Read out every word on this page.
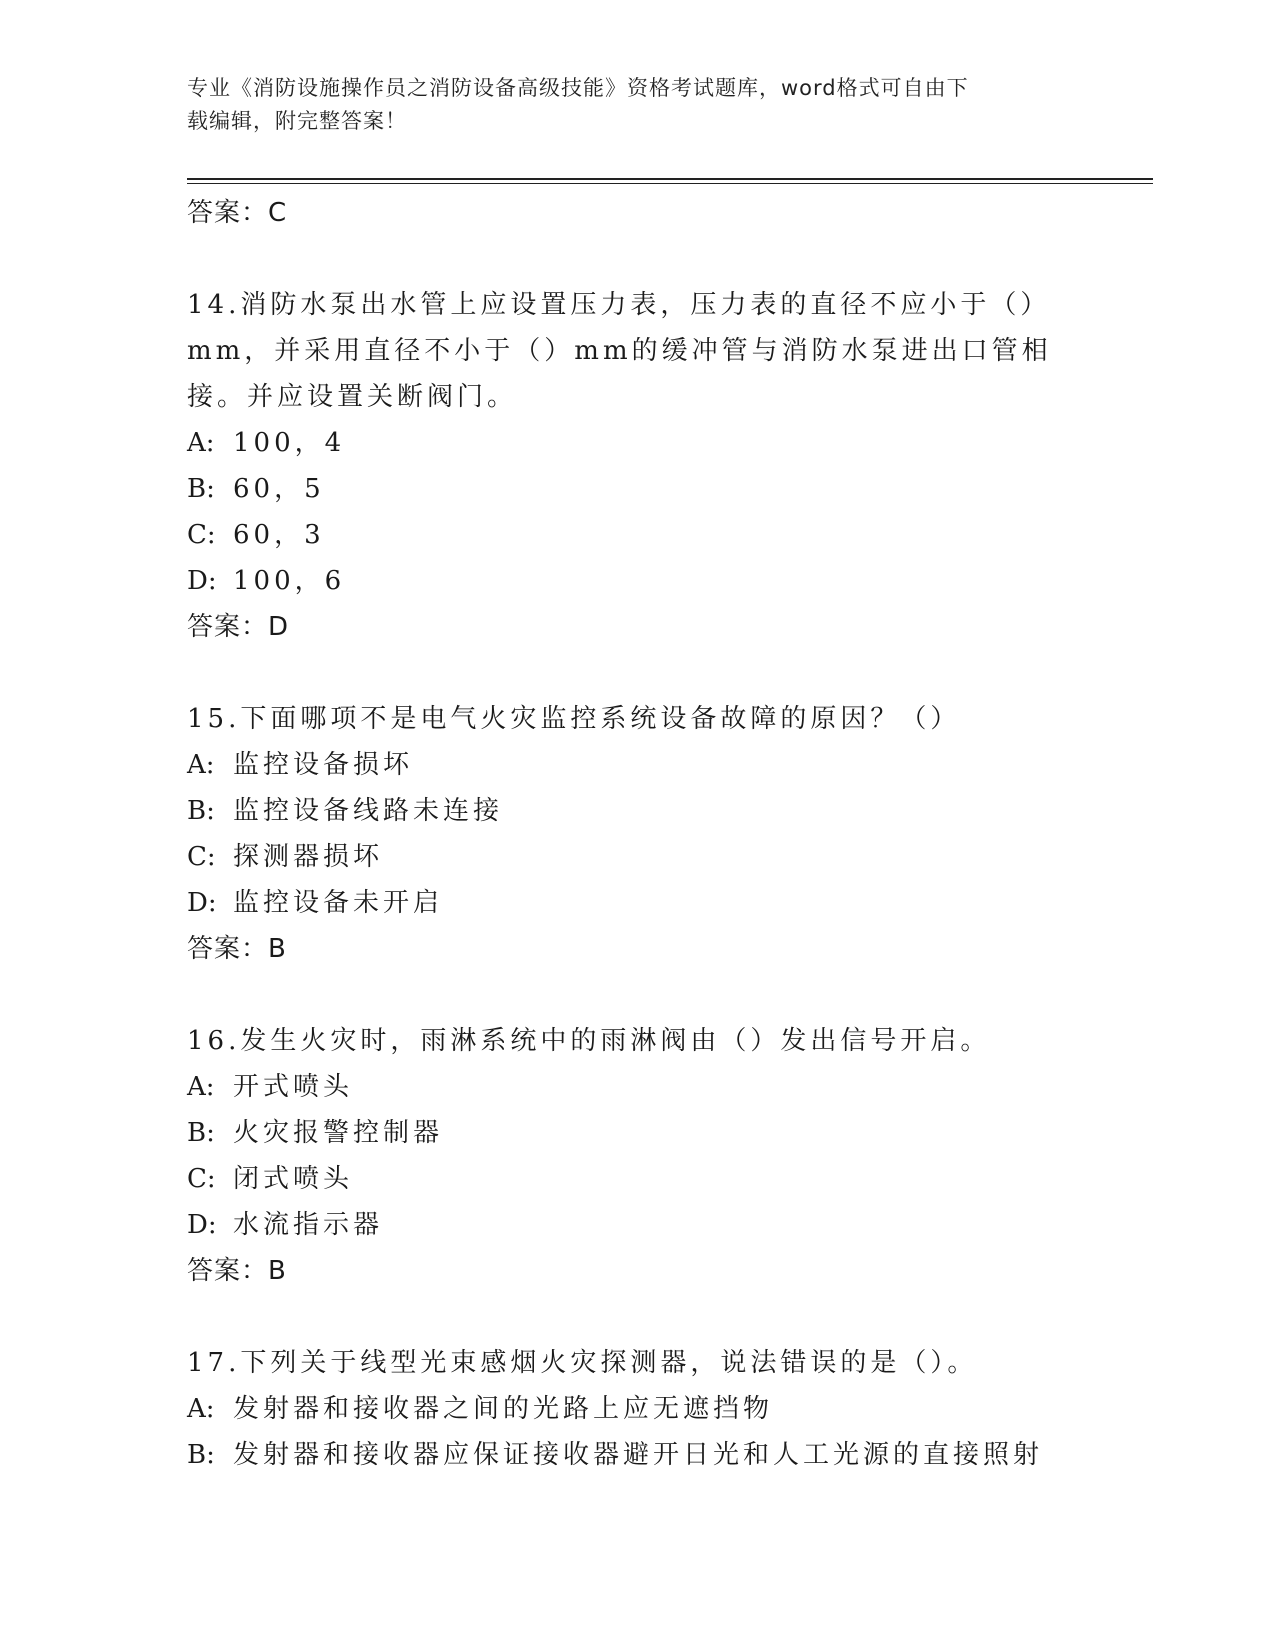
专业《消防设施操作员之消防设备高级技能》资格考试题库，word格式可自由下
载编辑，附完整答案！
答案：C
14.消防水泵出水管上应设置压力表，压力表的直径不应小于（）mm，并采用直径不小于（）mm的缓冲管与消防水泵进出口管相接。并应设置关断阀门。
A: 100，4
B: 60，5
C: 60，3
D: 100，6
答案：D
15.下面哪项不是电气火灾监控系统设备故障的原因？（）
A: 监控设备损坏
B: 监控设备线路未连接
C: 探测器损坏
D: 监控设备未开启
答案：B
16.发生火灾时，雨淋系统中的雨淋阀由（）发出信号开启。
A: 开式喷头
B: 火灾报警控制器
C: 闭式喷头
D: 水流指示器
答案：B
17.下列关于线型光束感烟火灾探测器，说法错误的是（）。
A: 发射器和接收器之间的光路上应无遮挡物
B: 发射器和接收器应保证接收器避开日光和人工光源的直接照射
